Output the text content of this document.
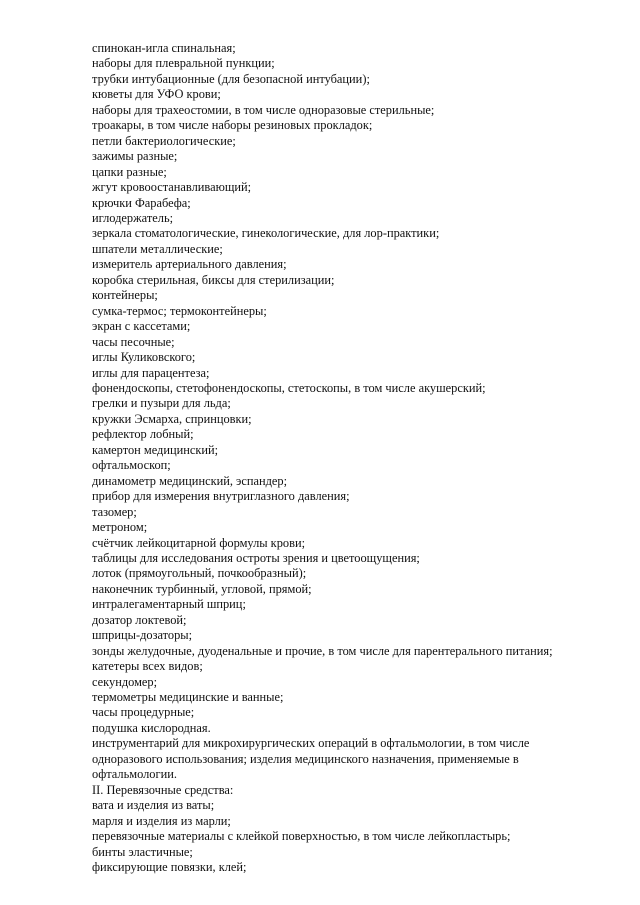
спинокан-игла спинальная;
наборы для плевральной пункции;
трубки интубационные (для безопасной интубации);
кюветы для УФО крови;
наборы для трахеостомии, в том числе одноразовые стерильные;
троакары, в том числе наборы резиновых прокладок;
петли бактериологические;
зажимы разные;
цапки разные;
жгут кровоостанавливающий;
крючки Фарабефа;
иглодержатель;
зеркала стоматологические, гинекологические, для лор-практики;
шпатели металлические;
измеритель артериального давления;
коробка стерильная, биксы для стерилизации;
контейнеры;
сумка-термос; термоконтейнеры;
экран с кассетами;
часы песочные;
иглы Куликовского;
иглы для парацентеза;
фонендоскопы, стетофонендоскопы, стетоскопы, в том числе акушерский;
грелки и пузыри для льда;
кружки Эсмарха, спринцовки;
рефлектор лобный;
камертон медицинский;
офтальмоскоп;
динамометр медицинский, эспандер;
прибор для измерения внутриглазного давления;
тазомер;
метроном;
счётчик лейкоцитарной формулы крови;
таблицы для исследования остроты зрения и цветоощущения;
лоток (прямоугольный, почкообразный);
наконечник турбинный, угловой, прямой;
интралегаментарный шприц;
дозатор локтевой;
шприцы-дозаторы;
зонды желудочные, дуоденальные и прочие, в том числе для парентерального питания;
катетеры всех видов;
секундомер;
термометры медицинские и ванные;
часы процедурные;
подушка кислородная.
инструментарий для микрохирургических операций в офтальмологии, в том числе
одноразового использования; изделия медицинского назначения, применяемые в
офтальмологии.
II. Перевязочные средства:
вата и изделия из ваты;
марля и изделия из марли;
перевязочные материалы с клейкой поверхностью, в том числе лейкопластырь;
бинты эластичные;
фиксирующие повязки, клей;
